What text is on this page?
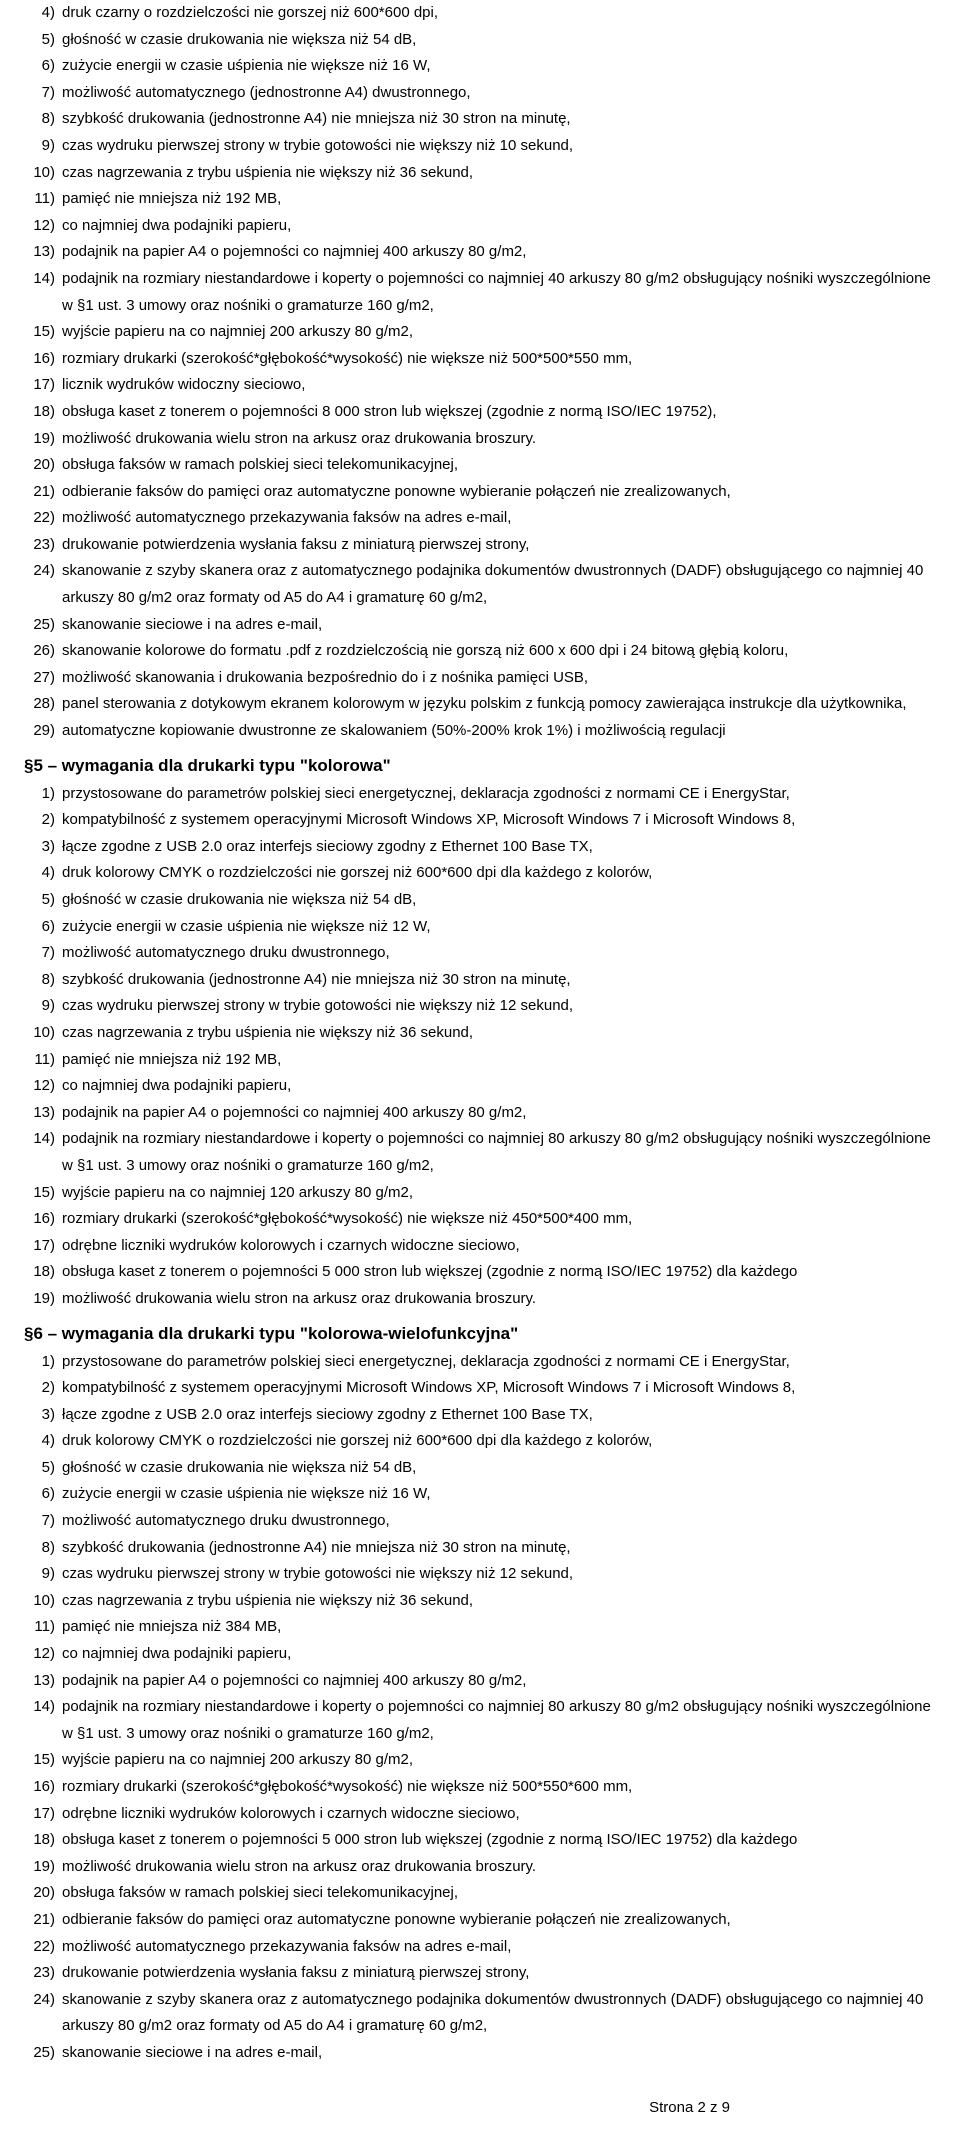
4) druk czarny o rozdzielczości nie gorszej niż 600*600 dpi,
5) głośność w czasie drukowania nie większa niż 54 dB,
6) zużycie energii w czasie uśpienia nie większe niż 16 W,
7) możliwość automatycznego (jednostronne A4) dwustronnego,
8) szybkość drukowania (jednostronne A4) nie mniejsza niż 30 stron na minutę,
9) czas wydruku pierwszej strony w trybie gotowości nie większy niż 10 sekund,
10) czas nagrzewania z trybu uśpienia nie większy niż 36 sekund,
11) pamięć nie mniejsza niż 192 MB,
12) co najmniej dwa podajniki papieru,
13) podajnik na papier A4 o pojemności co najmniej 400 arkuszy 80 g/m2,
14) podajnik na rozmiary niestandardowe i koperty o pojemności co najmniej 40 arkuszy 80 g/m2 obsługujący nośniki wyszczególnione w §1 ust. 3 umowy oraz nośniki o gramaturze 160 g/m2,
15) wyjście papieru na co najmniej 200 arkuszy 80 g/m2,
16) rozmiary drukarki (szerokość*głębokość*wysokość) nie większe niż 500*500*550 mm,
17) licznik wydruków widoczny sieciowo,
18) obsługa kaset z tonerem o pojemności 8 000 stron lub większej (zgodnie z normą ISO/IEC 19752),
19) możliwość drukowania wielu stron na arkusz oraz drukowania broszury.
20) obsługa faksów w ramach polskiej sieci telekomunikacyjnej,
21) odbieranie faksów do pamięci oraz automatyczne ponowne wybieranie połączeń nie zrealizowanych,
22) możliwość automatycznego przekazywania faksów na adres e-mail,
23) drukowanie potwierdzenia wysłania faksu z miniaturą pierwszej strony,
24) skanowanie z szyby skanera oraz z automatycznego podajnika dokumentów dwustronnych (DADF) obsługującego co najmniej 40 arkuszy 80 g/m2 oraz formaty od A5 do A4 i gramaturę 60 g/m2,
25) skanowanie sieciowe i na adres e-mail,
26) skanowanie kolorowe do formatu .pdf z rozdzielczością nie gorszą niż 600 x 600 dpi i 24 bitową głębią koloru,
27) możliwość skanowania i drukowania bezpośrednio do i z nośnika pamięci USB,
28) panel sterowania z dotykowym ekranem kolorowym w języku polskim z funkcją pomocy zawierająca instrukcje dla użytkownika,
29) automatyczne kopiowanie dwustronne ze skalowaniem (50%-200% krok 1%) i możliwością regulacji
§5 – wymagania dla drukarki typu "kolorowa"
1) przystosowane do parametrów polskiej sieci energetycznej, deklaracja zgodności z normami CE i EnergyStar,
2) kompatybilność z systemem operacyjnymi Microsoft Windows XP, Microsoft Windows 7 i Microsoft Windows 8,
3) łącze zgodne z USB 2.0 oraz interfejs sieciowy zgodny z Ethernet 100 Base TX,
4) druk kolorowy CMYK o rozdzielczości nie gorszej niż 600*600 dpi dla każdego z kolorów,
5) głośność w czasie drukowania nie większa niż 54 dB,
6) zużycie energii w czasie uśpienia nie większe niż 12 W,
7) możliwość automatycznego druku dwustronnego,
8) szybkość drukowania (jednostronne A4) nie mniejsza niż 30 stron na minutę,
9) czas wydruku pierwszej strony w trybie gotowości nie większy niż 12 sekund,
10) czas nagrzewania z trybu uśpienia nie większy niż 36 sekund,
11) pamięć nie mniejsza niż 192 MB,
12) co najmniej dwa podajniki papieru,
13) podajnik na papier A4 o pojemności co najmniej 400 arkuszy 80 g/m2,
14) podajnik na rozmiary niestandardowe i koperty o pojemności co najmniej 80 arkuszy 80 g/m2 obsługujący nośniki wyszczególnione w §1 ust. 3 umowy oraz nośniki o gramaturze 160 g/m2,
15) wyjście papieru na co najmniej 120 arkuszy 80 g/m2,
16) rozmiary drukarki (szerokość*głębokość*wysokość) nie większe niż 450*500*400 mm,
17) odrębne liczniki wydruków kolorowych i czarnych widoczne sieciowo,
18) obsługa kaset z tonerem o pojemności 5 000 stron lub większej (zgodnie z normą ISO/IEC 19752) dla każdego
19) możliwość drukowania wielu stron na arkusz oraz drukowania broszury.
§6 – wymagania dla drukarki typu "kolorowa-wielofunkcyjna"
1) przystosowane do parametrów polskiej sieci energetycznej, deklaracja zgodności z normami CE i EnergyStar,
2) kompatybilność z systemem operacyjnymi Microsoft Windows XP, Microsoft Windows 7 i Microsoft Windows 8,
3) łącze zgodne z USB 2.0 oraz interfejs sieciowy zgodny z Ethernet 100 Base TX,
4) druk kolorowy CMYK o rozdzielczości nie gorszej niż 600*600 dpi dla każdego z kolorów,
5) głośność w czasie drukowania nie większa niż 54 dB,
6) zużycie energii w czasie uśpienia nie większe niż 16 W,
7) możliwość automatycznego druku dwustronnego,
8) szybkość drukowania (jednostronne A4) nie mniejsza niż 30 stron na minutę,
9) czas wydruku pierwszej strony w trybie gotowości nie większy niż 12 sekund,
10) czas nagrzewania z trybu uśpienia nie większy niż 36 sekund,
11) pamięć nie mniejsza niż 384 MB,
12) co najmniej dwa podajniki papieru,
13) podajnik na papier A4 o pojemności co najmniej 400 arkuszy 80 g/m2,
14) podajnik na rozmiary niestandardowe i koperty o pojemności co najmniej 80 arkuszy 80 g/m2 obsługujący nośniki wyszczególnione w §1 ust. 3 umowy oraz nośniki o gramaturze 160 g/m2,
15) wyjście papieru na co najmniej 200 arkuszy 80 g/m2,
16) rozmiary drukarki (szerokość*głębokość*wysokość) nie większe niż 500*550*600 mm,
17) odrębne liczniki wydruków kolorowych i czarnych widoczne sieciowo,
18) obsługa kaset z tonerem o pojemności 5 000 stron lub większej (zgodnie z normą ISO/IEC 19752) dla każdego
19) możliwość drukowania wielu stron na arkusz oraz drukowania broszury.
20) obsługa faksów w ramach polskiej sieci telekomunikacyjnej,
21) odbieranie faksów do pamięci oraz automatyczne ponowne wybieranie połączeń nie zrealizowanych,
22) możliwość automatycznego przekazywania faksów na adres e-mail,
23) drukowanie potwierdzenia wysłania faksu z miniaturą pierwszej strony,
24) skanowanie z szyby skanera oraz z automatycznego podajnika dokumentów dwustronnych (DADF) obsługującego co najmniej 40 arkuszy 80 g/m2 oraz formaty od A5 do A4 i gramaturę 60 g/m2,
25) skanowanie sieciowe i na adres e-mail,
Strona 2 z 9
